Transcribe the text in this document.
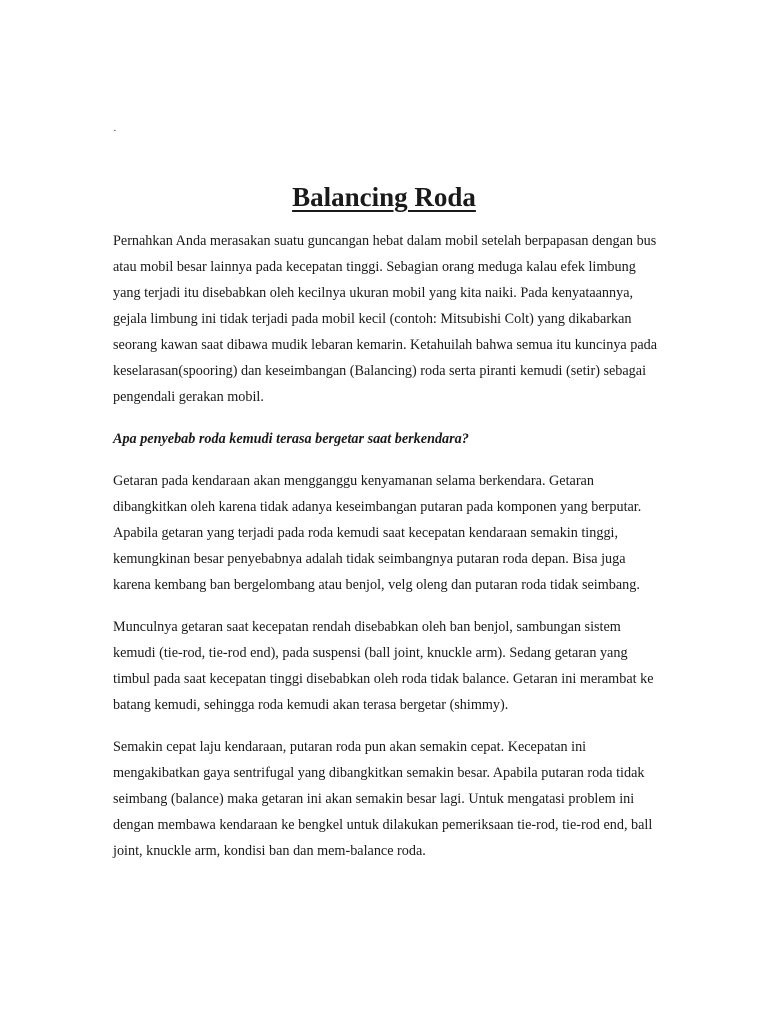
·
Balancing Roda

Pernahkan Anda merasakan suatu guncangan hebat dalam mobil setelah berpapasan dengan bus atau mobil besar lainnya pada kecepatan tinggi. Sebagian orang meduga kalau efek limbung yang terjadi itu disebabkan oleh kecilnya ukuran mobil yang kita naiki. Pada kenyataannya, gejala limbung ini tidak terjadi pada mobil kecil (contoh: Mitsubishi Colt) yang dikabarkan seorang kawan saat dibawa mudik lebaran kemarin. Ketahuilah bahwa semua itu kuncinya pada keselarasan(spooring) dan keseimbangan (Balancing) roda serta piranti kemudi (setir) sebagai pengendali gerakan mobil.

Apa penyebab roda kemudi terasa bergetar saat berkendara?

Getaran pada kendaraan akan mengganggu kenyamanan selama berkendara. Getaran dibangkitkan oleh karena tidak adanya keseimbangan putaran pada komponen yang berputar. Apabila getaran yang terjadi pada roda kemudi saat kecepatan kendaraan semakin tinggi, kemungkinan besar penyebabnya adalah tidak seimbangnya putaran roda depan. Bisa juga karena kembang ban bergelombang atau benjol, velg oleng dan putaran roda tidak seimbang.

Munculnya getaran saat kecepatan rendah disebabkan oleh ban benjol, sambungan sistem kemudi (tie-rod, tie-rod end), pada suspensi (ball joint, knuckle arm). Sedang getaran yang timbul pada saat kecepatan tinggi disebabkan oleh roda tidak balance. Getaran ini merambat ke batang kemudi, sehingga roda kemudi akan terasa bergetar (shimmy).

Semakin cepat laju kendaraan, putaran roda pun akan semakin cepat. Kecepatan ini mengakibatkan gaya sentrifugal yang dibangkitkan semakin besar. Apabila putaran roda tidak seimbang (balance) maka getaran ini akan semakin besar lagi. Untuk mengatasi problem ini dengan membawa kendaraan ke bengkel untuk dilakukan pemeriksaan tie-rod, tie-rod end, ball joint, knuckle arm, kondisi ban dan mem-balance roda.
